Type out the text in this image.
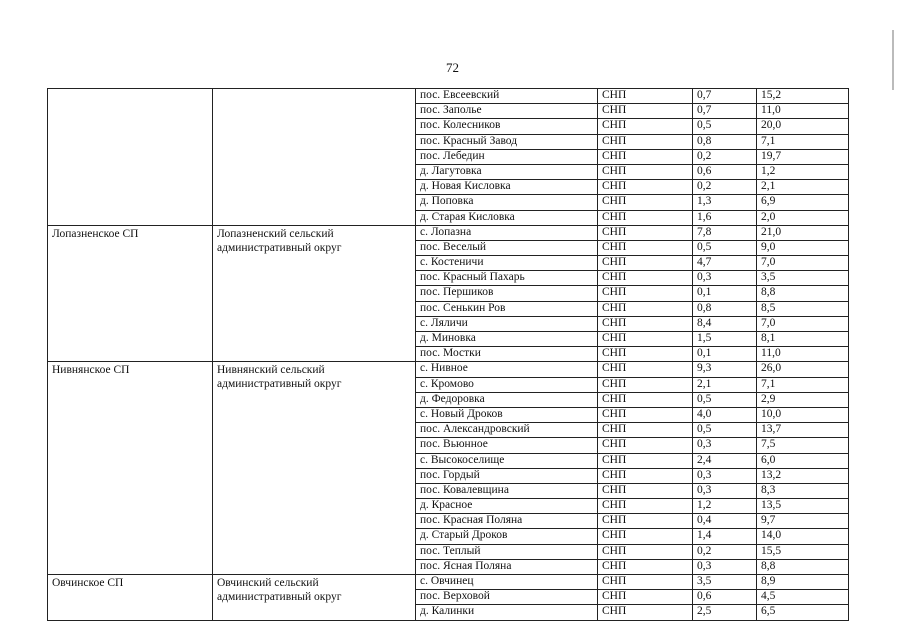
72
		пос. Евсеевский	СНП	0,7	15,2
		пос. Заполье	СНП	0,7	11,0
		пос. Колесников	СНП	0,5	20,0
		пос. Красный Завод	СНП	0,8	7,1
		пос. Лебедин	СНП	0,2	19,7
		д. Лагутовка	СНП	0,6	1,2
		д. Новая Кисловка	СНП	0,2	2,1
		д. Поповка	СНП	1,3	6,9
		д. Старая Кисловка	СНП	1,6	2,0
Лопазненское СП	Лопазненский сельский административный округ	с. Лопазна	СНП	7,8	21,0
		пос. Веселый	СНП	0,5	9,0
		с. Костеничи	СНП	4,7	7,0
		пос. Красный Пахарь	СНП	0,3	3,5
		пос. Першиков	СНП	0,1	8,8
		пос. Сенькин Ров	СНП	0,8	8,5
		с. Ляличи	СНП	8,4	7,0
		д. Миновка	СНП	1,5	8,1
		пос. Мостки	СНП	0,1	11,0
Нивнянское СП	Нивнянский сельский административный округ	с. Нивное	СНП	9,3	26,0
		с. Кромово	СНП	2,1	7,1
		д. Федоровка	СНП	0,5	2,9
		с. Новый Дроков	СНП	4,0	10,0
		пос. Александровский	СНП	0,5	13,7
		пос. Вьюнное	СНП	0,3	7,5
		с. Высокоселище	СНП	2,4	6,0
		пос. Гордый	СНП	0,3	13,2
		пос. Ковалевщина	СНП	0,3	8,3
		д. Красное	СНП	1,2	13,5
		пос. Красная Поляна	СНП	0,4	9,7
		д. Старый Дроков	СНП	1,4	14,0
		пос. Теплый	СНП	0,2	15,5
		пос. Ясная Поляна	СНП	0,3	8,8
Овчинское СП	Овчинский сельский административный округ	с. Овчинец	СНП	3,5	8,9
		пос. Верховой	СНП	0,6	4,5
		д. Калинки	СНП	2,5	6,5
